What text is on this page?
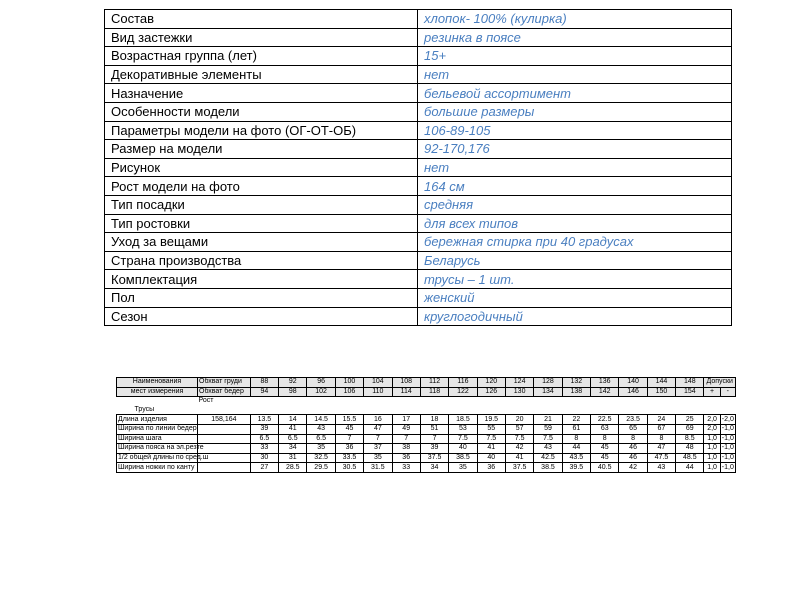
Состав	хлопок- 100% (кулирка)
Вид застежки	резинка в поясе
Возрастная группа (лет)	15+
Декоративные элементы	нет
Назначение	бельевой ассортимент
Особенности модели	большие размеры
Параметры модели на фото (ОГ-ОТ-ОБ)	106-89-105
Размер на модели	92-170,176
Рисунок	нет
Рост модели на фото	164 см
Тип посадки	средняя
Тип ростовки	для всех типов
Уход за вещами	бережная стирка при 40 градусах
Страна производства	Беларусь
Комплектация	трусы – 1 шт.
Пол	женский
Сезон	круглогодичный
Наименования	Обхват груди	88	92	96	100	104	108	112	116	120	124	128	132	136	140	144	148	Допуски	
мест измерения	Обхват бедер	94	98	102	106	110	114	118	122	126	130	134	138	142	146	150	154	+	-
	Рост																		
Трусы																			
Длина изделия	158,164	13.5	14	14.5	15.5	16	17	18	18.5	19.5	20	21	22	22.5	23.5	24	25	2,0	-2,0
Ширина по линии бедер		39	41	43	45	47	49	51	53	55	57	59	61	63	65	67	69	2,0	-1,0
Ширина шага		6.5	6.5	6.5	7	7	7	7	7.5	7.5	7.5	7.5	8	8	8	8	8.5	1,0	-1,0
Ширина пояса на эл.резте		33	34	35	36	37	38	39	40	41	42	43	44	45	46	47	48	1,0	-1,0
1/2 общей длины по сред.ш		30	31	32.5	33.5	35	36	37.5	38.5	40	41	42.5	43.5	45	46	47.5	48.5	1,0	-1,0
Ширина ножки по канту		27	28.5	29.5	30.5	31.5	33	34	35	36	37.5	38.5	39.5	40.5	42	43	44	1,0	-1,0
